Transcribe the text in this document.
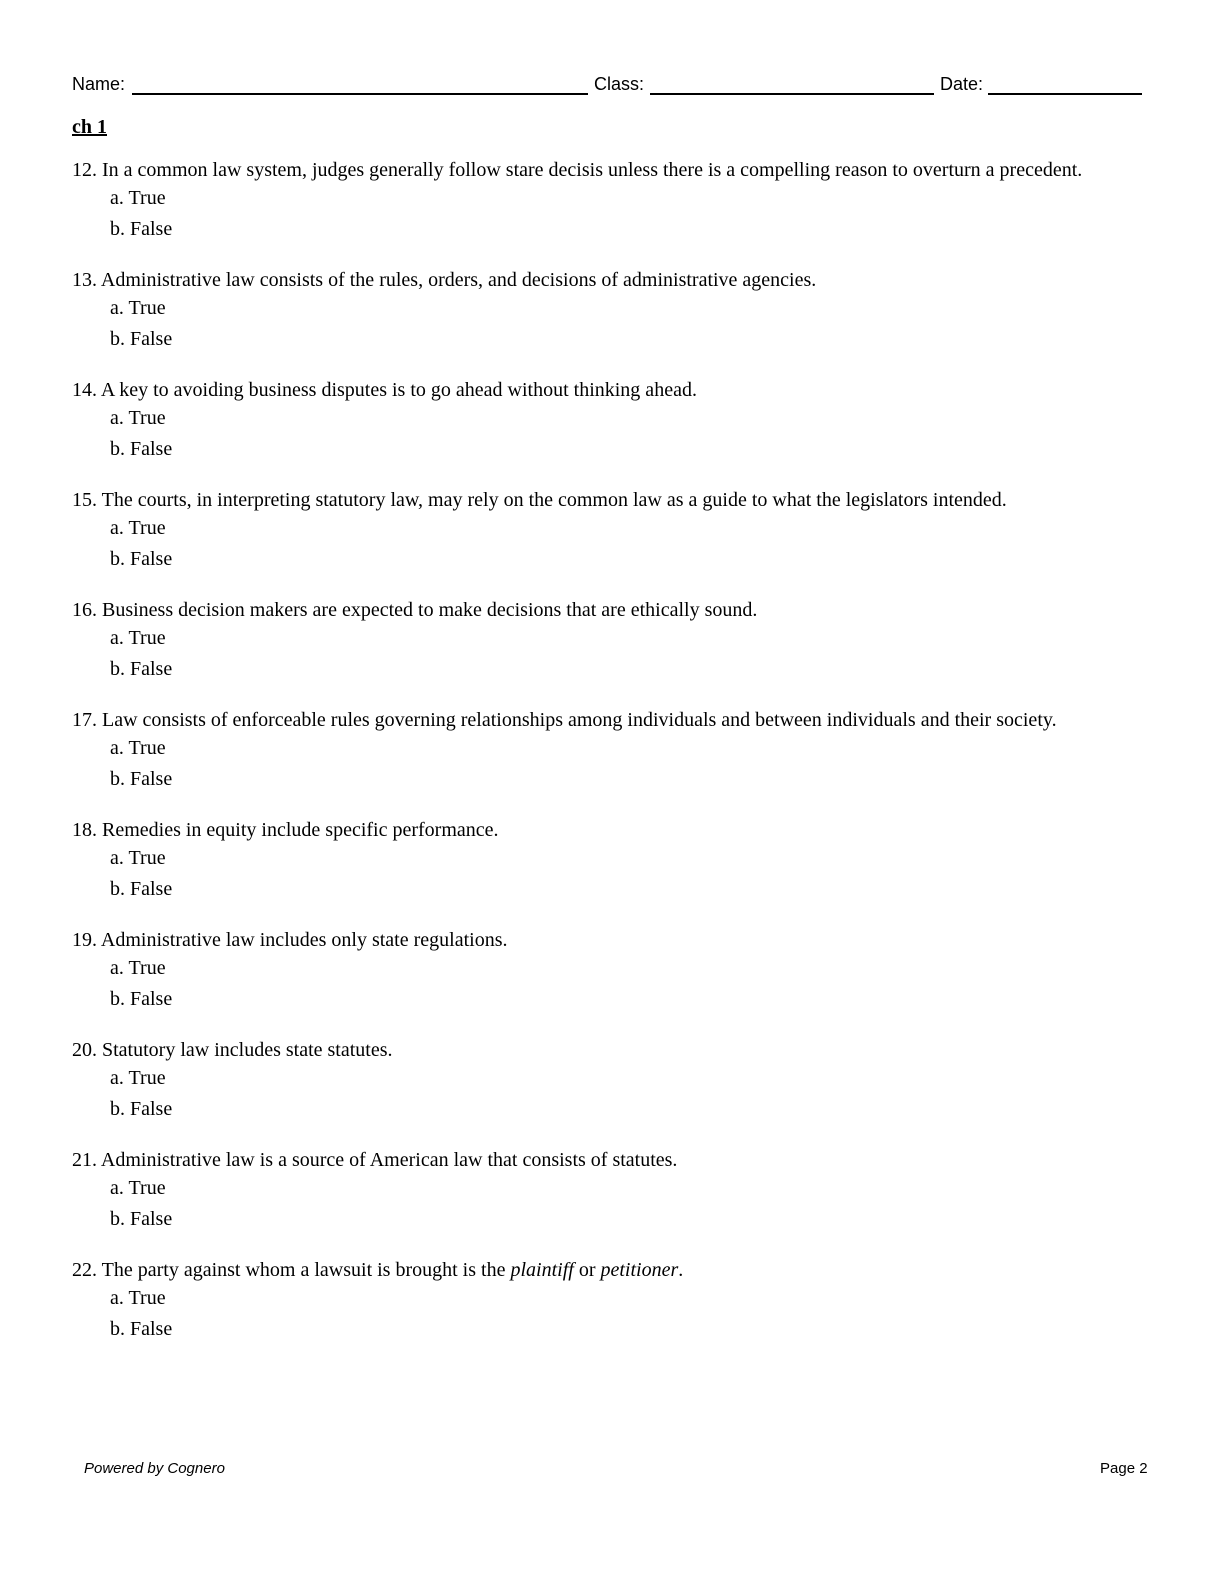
Name:	Class:	Date:
ch 1

12. In a common law system, judges generally follow stare decisis unless there is a compelling reason to overturn a precedent.

a. True
b. False

13. Administrative law consists of the rules, orders, and decisions of administrative agencies.

a. True
b. False

14. A key to avoiding business disputes is to go ahead without thinking ahead.

a. True
b. False

15. The courts, in interpreting statutory law, may rely on the common law as a guide to what the legislators intended.

a. True
b. False

16. Business decision makers are expected to make decisions that are ethically sound.

a. True
b. False

17. Law consists of enforceable rules governing relationships among individuals and between individuals and their society.

a. True
b. False

18. Remedies in equity include specific performance.

a. True
b. False

19. Administrative law includes only state regulations.

a. True
b. False

20. Statutory law includes state statutes.

a. True
b. False

21. Administrative law is a source of American law that consists of statutes.

a. True
b. False

22. The party against whom a lawsuit is brought is the plaintiff or petitioner.

a. True
b. False
Powered by Cognero	Page 2
